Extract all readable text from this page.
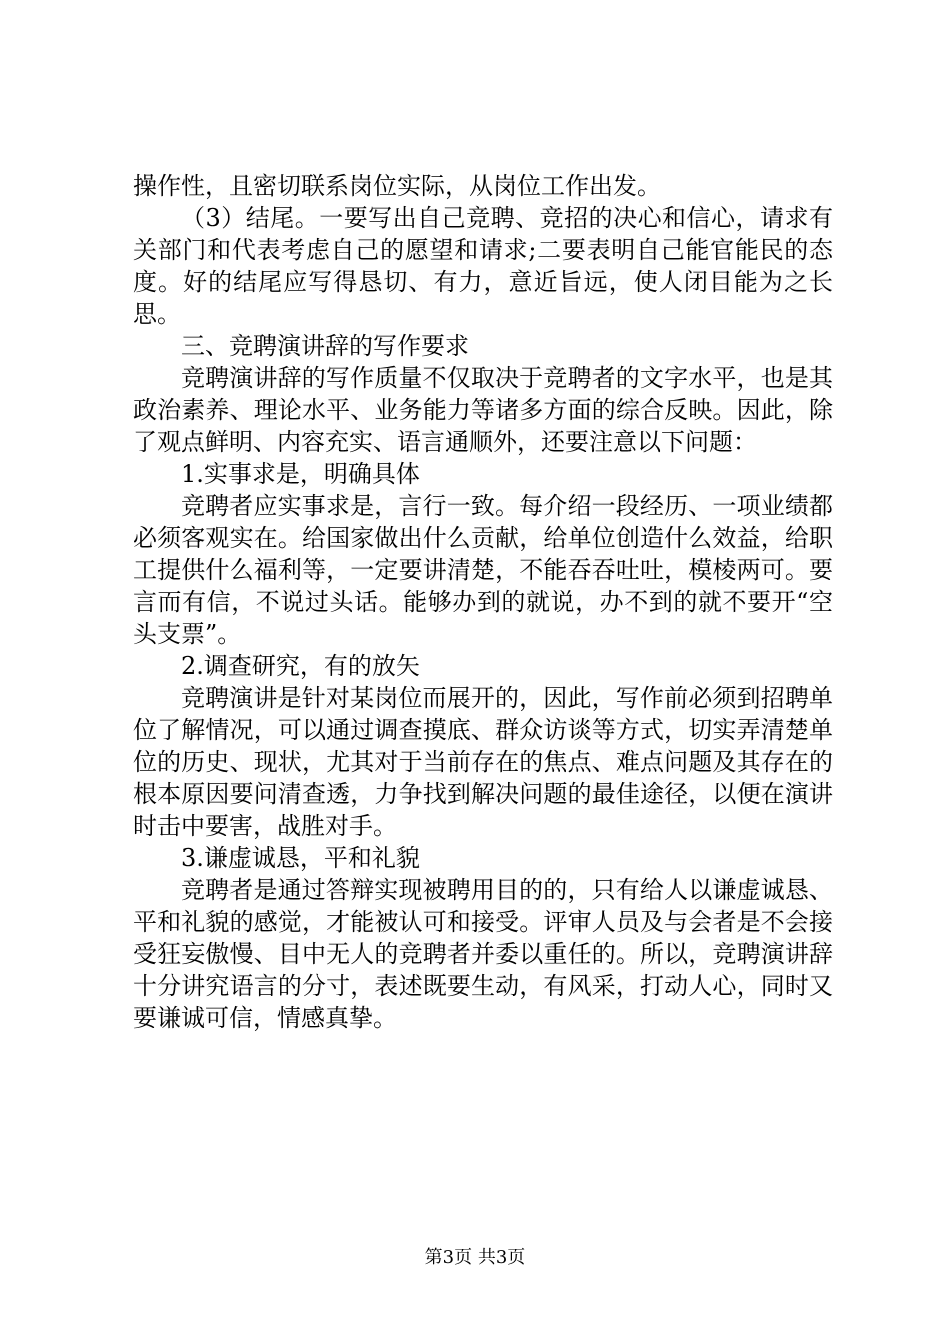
操作性，且密切联系岗位实际，从岗位工作出发。

（3）结尾。一要写出自己竞聘、竞招的决心和信心，请求有关部门和代表考虑自己的愿望和请求;二要表明自己能官能民的态度。好的结尾应写得恳切、有力，意近旨远，使人闭目能为之长思。

三、竞聘演讲辞的写作要求

竞聘演讲辞的写作质量不仅取决于竞聘者的文字水平，也是其政治素养、理论水平、业务能力等诸多方面的综合反映。因此，除了观点鲜明、内容充实、语言通顺外，还要注意以下问题：

1.实事求是，明确具体

竞聘者应实事求是，言行一致。每介绍一段经历、一项业绩都必须客观实在。给国家做出什么贡献，给单位创造什么效益，给职工提供什么福利等，一定要讲清楚，不能吞吞吐吐，模棱两可。要言而有信，不说过头话。能够办到的就说，办不到的就不要开“空头支票”。

2.调查研究，有的放矢

竞聘演讲是针对某岗位而展开的，因此，写作前必须到招聘单位了解情况，可以通过调查摸底、群众访谈等方式，切实弄清楚单位的历史、现状，尤其对于当前存在的焦点、难点问题及其存在的根本原因要问清查透，力争找到解决问题的最佳途径，以便在演讲时击中要害，战胜对手。

3.谦虚诚恳，平和礼貌

竞聘者是通过答辩实现被聘用目的的，只有给人以谦虚诚恳、平和礼貌的感觉，才能被认可和接受。评审人员及与会者是不会接受狂妄傲慢、目中无人的竞聘者并委以重任的。所以，竞聘演讲辞十分讲究语言的分寸，表述既要生动，有风采，打动人心，同时又要谦诚可信，情感真挚。

第3页 共3页
